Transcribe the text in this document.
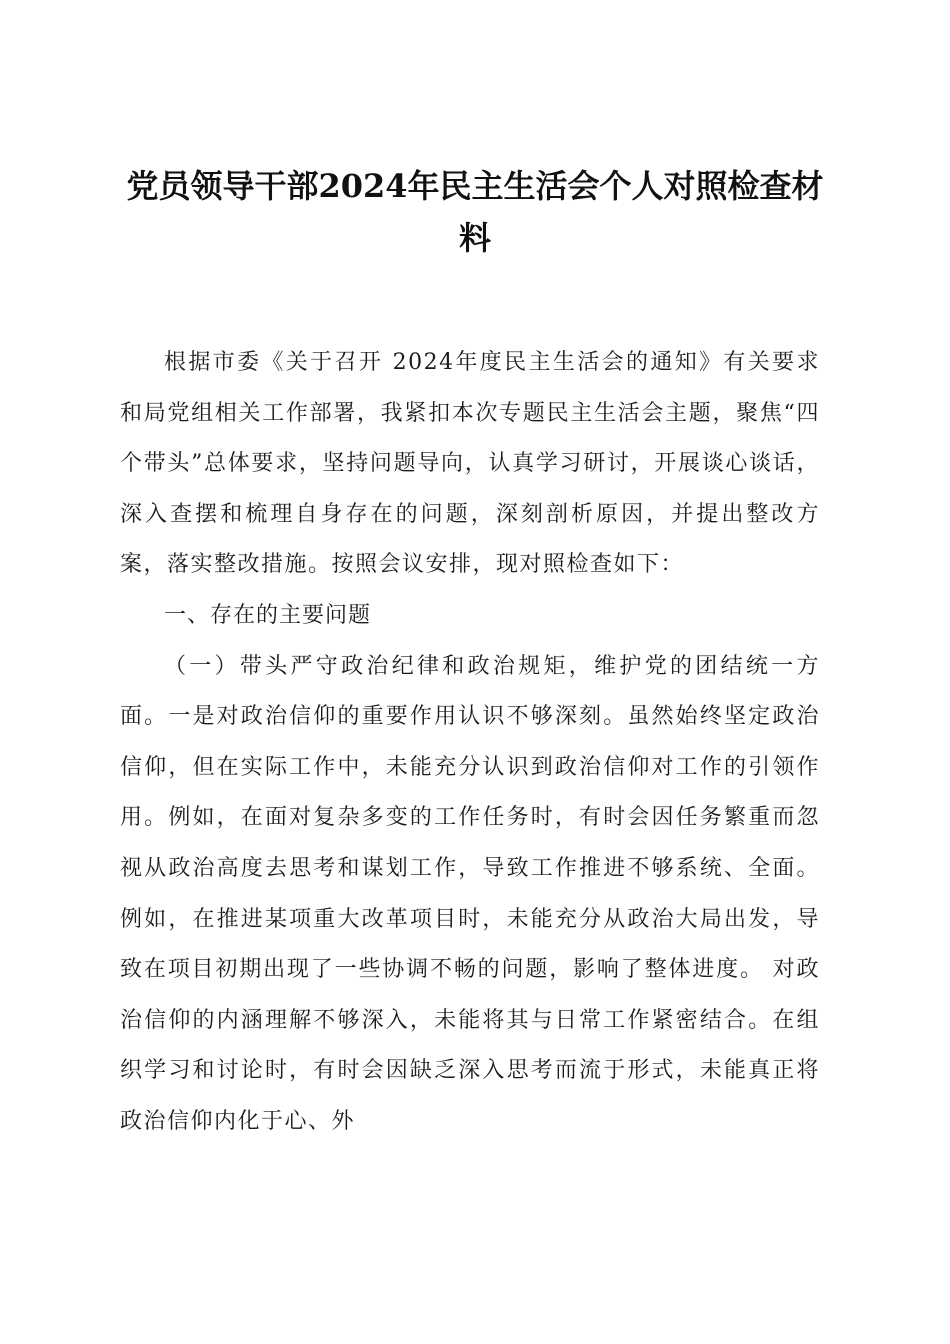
党员领导干部2024年民主生活会个人对照检查材料

根据市委《关于召开 2024年度民主生活会的通知》有关要求和局党组相关工作部署，我紧扣本次专题民主生活会主题，聚焦“四个带头”总体要求，坚持问题导向，认真学习研讨，开展谈心谈话，深入查摆和梳理自身存在的问题，深刻剖析原因，并提出整改方案，落实整改措施。按照会议安排，现对照检查如下：

一、存在的主要问题

（一）带头严守政治纪律和政治规矩，维护党的团结统一方面。一是对政治信仰的重要作用认识不够深刻。虽然始终坚定政治信仰，但在实际工作中，未能充分认识到政治信仰对工作的引领作用。例如，在面对复杂多变的工作任务时，有时会因任务繁重而忽视从政治高度去思考和谋划工作，导致工作推进不够系统、全面。例如，在推进某项重大改革项目时，未能充分从政治大局出发，导致在项目初期出现了一些协调不畅的问题，影响了整体进度。 对政治信仰的内涵理解不够深入，未能将其与日常工作紧密结合。在组织学习和讨论时，有时会因缺乏深入思考而流于形式，未能真正将政治信仰内化于心、外
